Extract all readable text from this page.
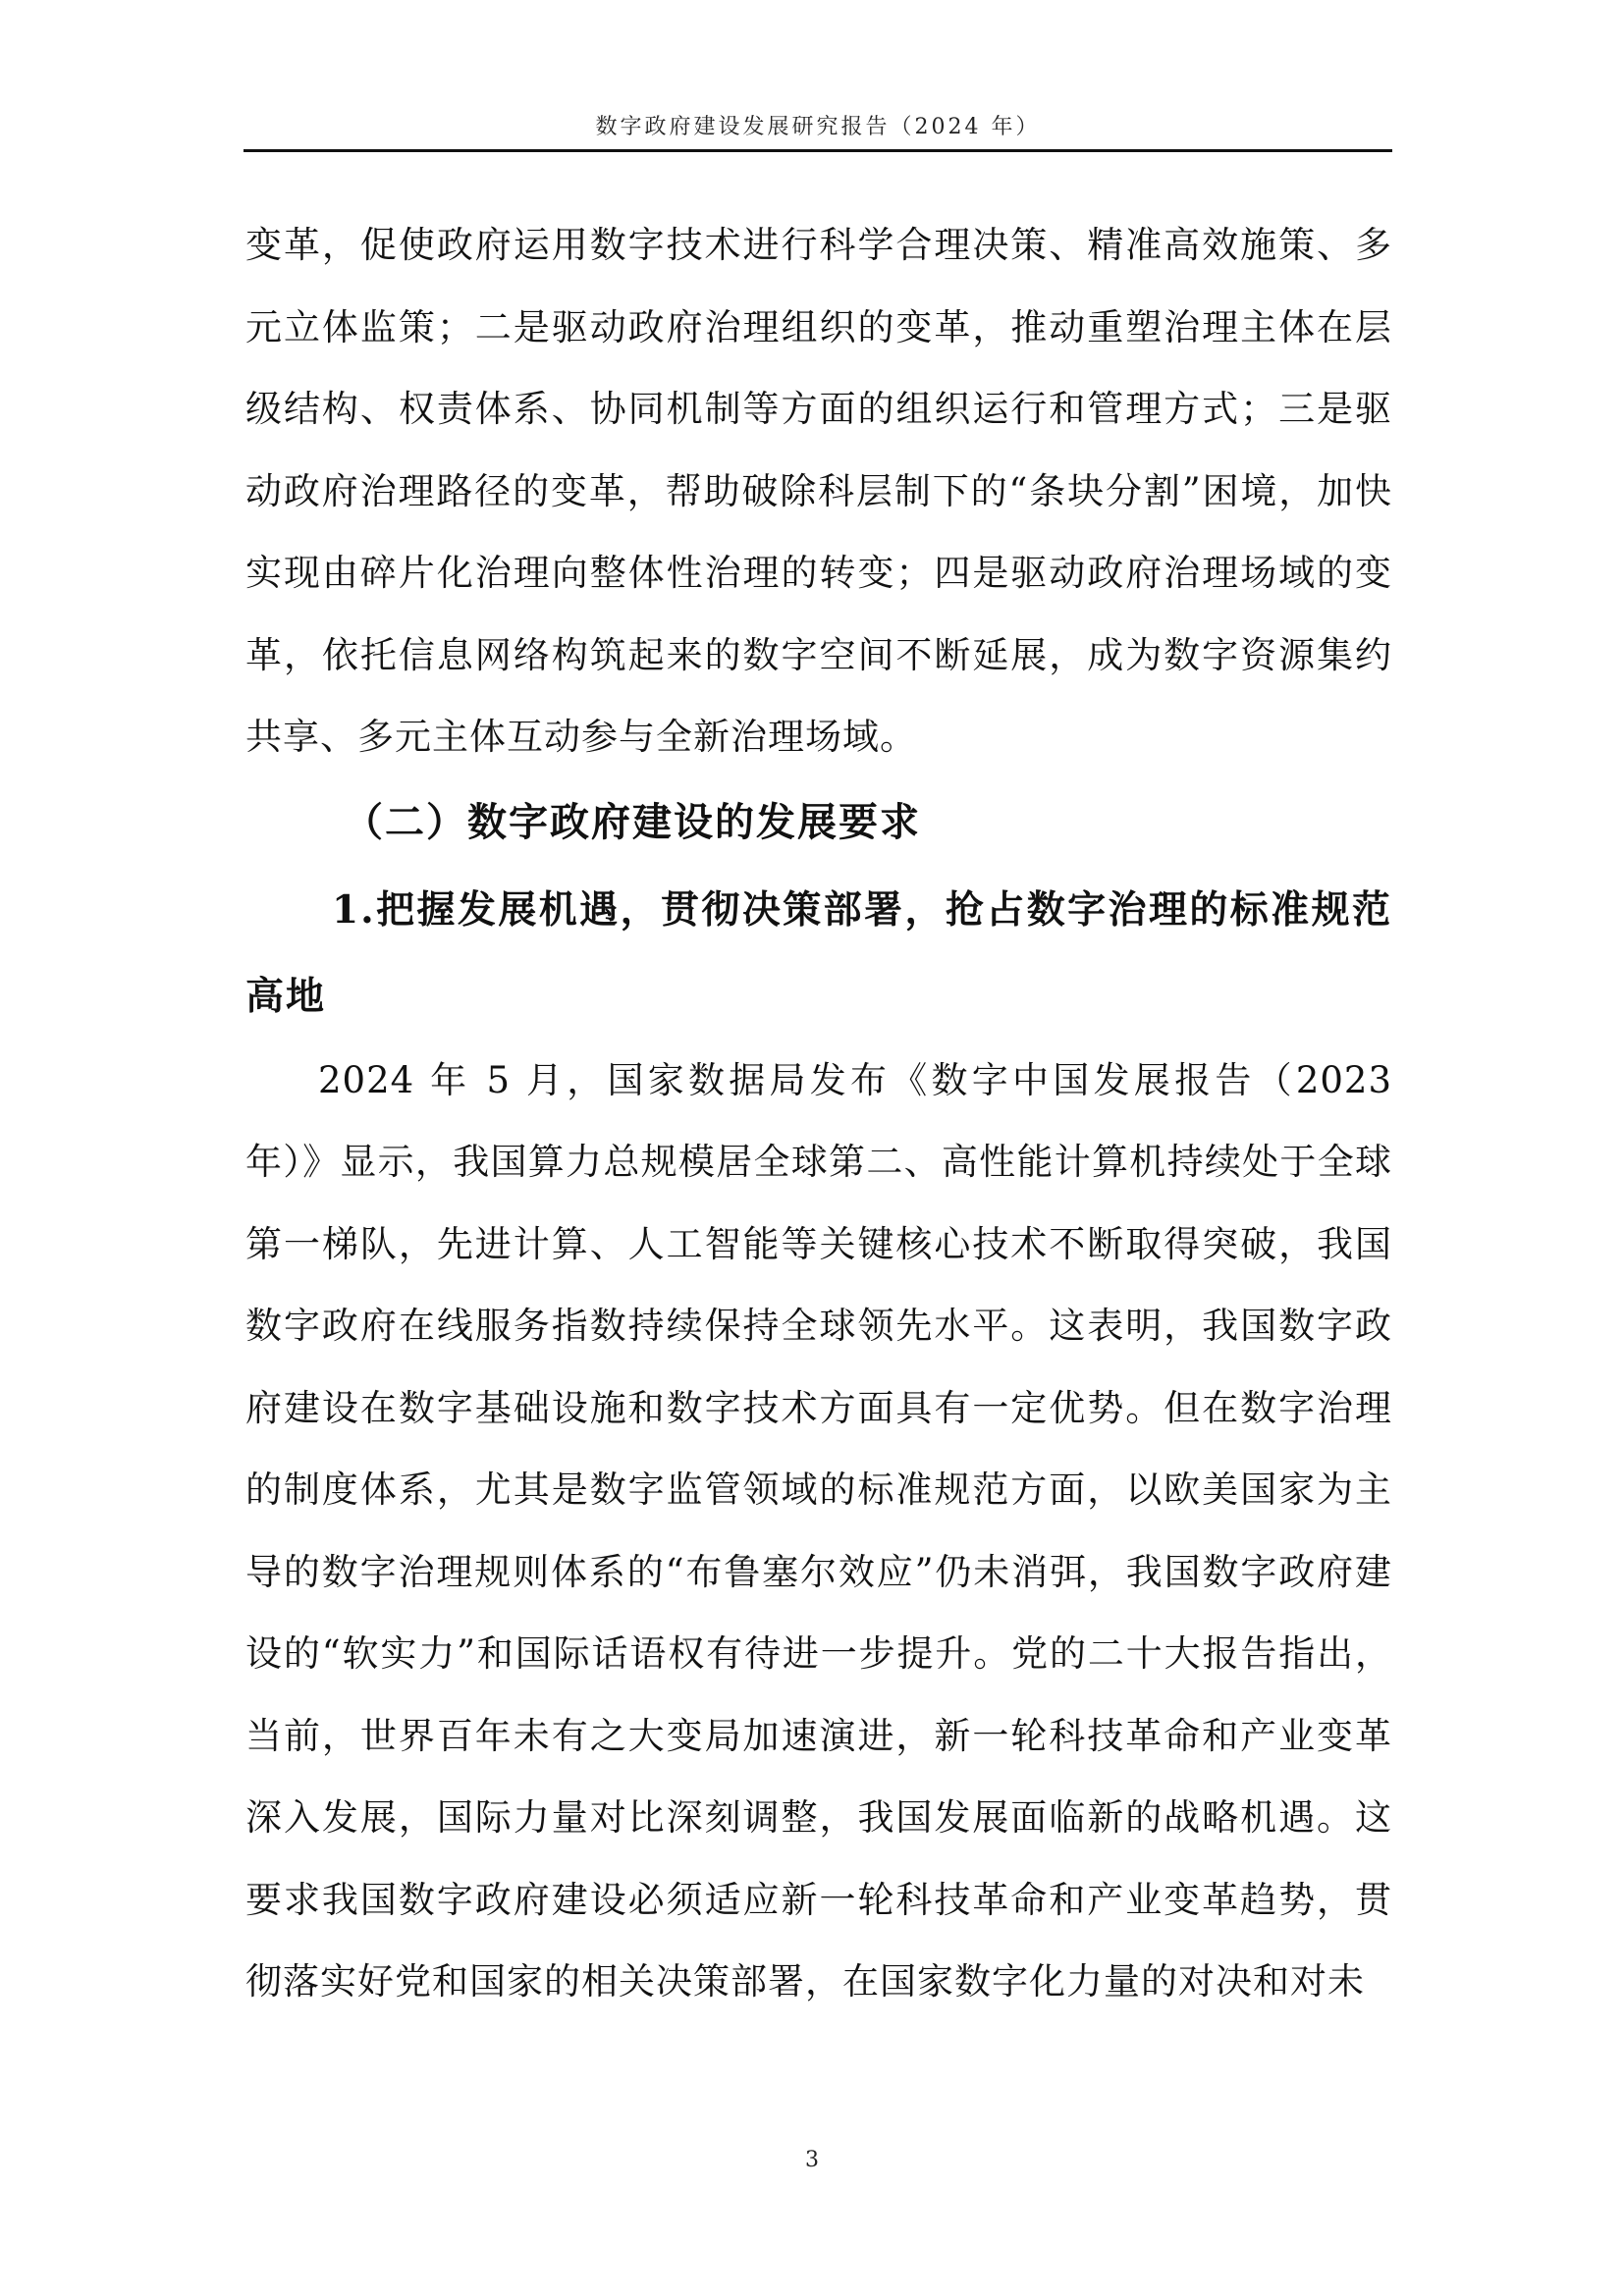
数字政府建设发展研究报告（2024 年）

变革，促使政府运用数字技术进行科学合理决策、精准高效施策、多元立体监策；二是驱动政府治理组织的变革，推动重塑治理主体在层级结构、权责体系、协同机制等方面的组织运行和管理方式；三是驱动政府治理路径的变革，帮助破除科层制下的“条块分割”困境，加快实现由碎片化治理向整体性治理的转变；四是驱动政府治理场域的变革，依托信息网络构筑起来的数字空间不断延展，成为数字资源集约共享、多元主体互动参与全新治理场域。

（二）数字政府建设的发展要求
1.把握发展机遇，贯彻决策部署，抢占数字治理的标准规范高地

2024 年 5 月，国家数据局发布《数字中国发展报告（2023 年）》显示，我国算力总规模居全球第二、高性能计算机持续处于全球第一梯队，先进计算、人工智能等关键核心技术不断取得突破，我国数字政府在线服务指数持续保持全球领先水平。这表明，我国数字政府建设在数字基础设施和数字技术方面具有一定优势。但在数字治理的制度体系，尤其是数字监管领域的标准规范方面，以欧美国家为主导的数字治理规则体系的“布鲁塞尔效应”仍未消弭，我国数字政府建设的“软实力”和国际话语权有待进一步提升。党的二十大报告指出，当前，世界百年未有之大变局加速演进，新一轮科技革命和产业变革深入发展，国际力量对比深刻调整，我国发展面临新的战略机遇。这要求我国数字政府建设必须适应新一轮科技革命和产业变革趋势，贯彻落实好党和国家的相关决策部署，在国家数字化力量的对决和对未

3
